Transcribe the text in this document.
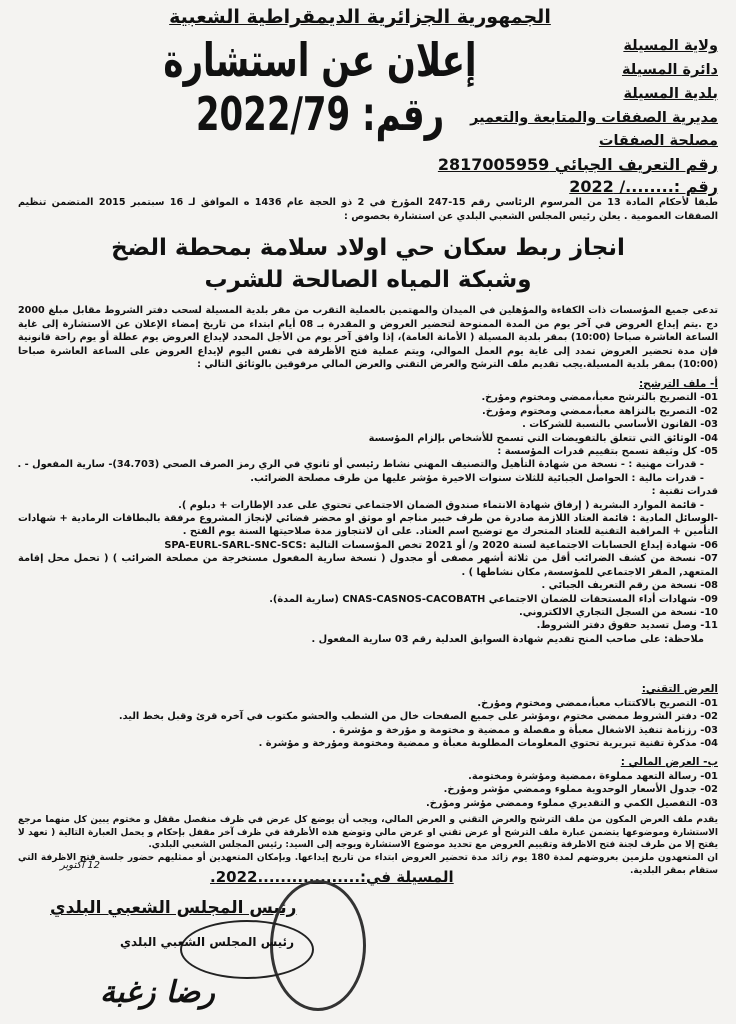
الجمهورية الجزائرية الديمقراطية الشعبية
إعلان عن استشارة رقم: 2022/79
ولاية المسيلة
دائرة المسيلة
بلدية المسيلة
مديرية الصفقات والمتابعة والتعمير
مصلحة الصفقات
رقم التعريف الجبائي 2817005959
رقم :......../ 2022
طبقا لأحكام المادة 13 من المرسوم الرئاسي رقم 15-247 المؤرخ في 2 ذو الحجة عام 1436 ه الموافق لـ 16 سبتمبر 2015 المتضمن تنظيم الصفقات العمومية . يعلن رئيس المجلس الشعبي البلدي عن استشارة بخصوص :
انجاز ربط سكان حي اولاد سلامة بمحطة الضخ
وشبكة المياه الصالحة للشرب
تدعى جميع المؤسسات ذات الكفاءة والمؤهلين في الميدان والمهتمين بالعملية التقرب من مقر بلدية المسيلة لسحب دفتر الشروط مقابل مبلغ 2000 دج .يتم إيداع العروض في آخر يوم من المدة الممنوحة لتحضير العروض و المقدرة بـ 08 أيام ابتداء من تاريخ إمضاء الإعلان عن الاستشارة إلى غاية الساعة العاشرة صباحا (10:00) بمقر بلدية المسيلة ( الأمانة العامة)، إذا وافق آخر يوم من الأجل المحدد لإيداع العروض يوم عطلة أو يوم راحة قانونية فإن مدة تحضير العروض تمدد إلى غاية يوم العمل الموالي، ويتم عملية فتح الأظرفة في نفس اليوم لإيداع العروض على الساعة العاشرة صباحا (10:00) بمقر بلدية المسيلة.يجب تقديم ملف الترشح والعرض التقني والعرض المالي مرفوقين بالوثائق التالي :
أ- ملف الترشح:
01- التصريح بالترشح معبأ،ممضي ومختوم ومؤرخ.
02- التصريح بالنزاهة معبأ،ممضي ومختوم ومؤرخ.
03- القانون الأساسي بالنسبة للشركات .
04- الوثائق التي تتعلق بالتفويضات التي تسمح للأشخاص بإلزام المؤسسة
05- كل وثيقة تسمح بتقييم قدرات المؤسسة :
- قدرات مهنية : - نسخة من شهادة التأهيل والتصنيف المهني نشاط رئيسي أو ثانوي في الري رمز الصرف الصحي (34.703)- سارية المفعول - .
- قدرات مالية : الحواصل الجبائية للثلاث سنوات الاخيرة مؤشر عليها من طرف مصلحة الضرائب.
قدرات تقنية :
- قائمة الموارد البشرية ( إرفاق شهادة الانتماء صندوق الضمان الاجتماعي تحتوي على عدد الإطارات + دبلوم ).
-الوسائل المادية : قائمة العتاد اللازمة صادرة من طرف خبير مناجم او موثق او محضر قضائي لإنجاز المشروع مرفقة بالبطاقات الرمادية + شهادات التأمين + المراقبة التقنية للعتاد المتحرك مع توضيح اسم العتاد. على ان لاتتجاوز مدة صلاحيتها السنة يوم الفتح .
06- شهادة إيداع الحسابات الاجتماعية لسنة 2020 و/ أو 2021 تخص المؤسسات التالية :SPA-EURL-SARL-SNC-SCS
07- نسخة من كشف الضرائب أقل من ثلاثة أشهر مصفى أو مجدول ( نسخة سارية المفعول مستخرجة من مصلحة الضرائب ) ( تحمل محل إقامة المتعهد, المقر الاجتماعي للمؤسسة, مكان نشاطها ) .
08- نسخة من رقم التعريف الجبائي .
09- شهادات أداء المستحقات للضمان الاجتماعي CNAS-CASNOS-CACOBATH (سارية المدة).
10- نسخة من السجل التجاري الالكتروني.
11- وصل تسديد حقوق دفتر الشروط.
ملاحظة: على صاحب المنح تقديم شهادة السوابق العدلية رقم 03 سارية المفعول .
العرض التقني:
01- التصريح بالاكتتاب معبأ،ممضي ومختوم ومؤرخ.
02- دفتر الشروط ممضي مختوم ،ومؤشر على جميع الصفحات خال من الشطب والحشو مكتوب في آخره قرئ وقبل بخط اليد.
03- رزنامة تنفيذ الاشغال معبأة و مفصلة و ممضية و مختومة و مؤرخة و مؤشرة .
04- مذكرة تقنية تبريرية تحتوي المعلومات المطلوبة معبأة و ممضية ومختومة ومؤرخة و مؤشرة .
ب- العرض المالي :
01- رسالة التعهد مملوءة ،ممضية ومؤشرة ومختومة.
02- جدول الأسعار الوحدوية مملوء وممضي مؤشر ومؤرخ.
03- التفصيل الكمي و التقديري مملوء وممضي مؤشر ومؤرخ.
يقدم ملف العرض المكون من ملف الترشح والعرض التقني و العرض المالي، ويجب أن يوضع كل عرض في ظرف منفصل مقفل و مختوم يبين كل منهما مرجع الاستشارة وموضوعها يتضمن عبارة ملف الترشح أو عرض تقني او عرض مالي وتوضع هذه الأظرفة في ظرف آخر مقفل بإحكام و يحمل العبارة التالية ( تعهد لا يفتح إلا من طرف لجنة فتح الاظرفة وتقييم العروض مع تحديد موضوع الاستشارة ويوجه إلى السيد: رئيس المجلس الشعبي البلدي.
ان المتعهدون ملزمين بعروضهم لمدة 180 يوم زائد مدة تحضير العروض ابتداء من تاريخ إيداعها. وبإمكان المتعهدين أو ممثليهم حضور جلسة فتح الاظرفة التي ستقام بمقر البلدية.
المسيلة في:..................2022.
12 أكتوبر
رئيس المجلس الشعبي البلدي
رئيس المجلس الشعبي البلدي
رضا زغبة
